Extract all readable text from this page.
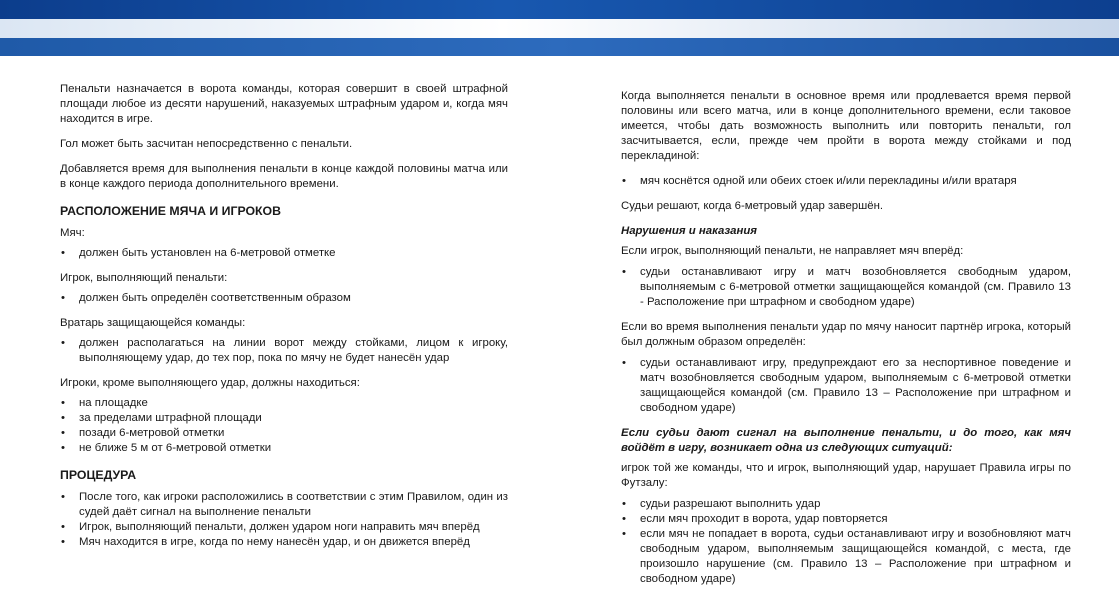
Пенальти назначается в ворота команды, которая совершит в своей штрафной площади любое из десяти нарушений, наказуемых штрафным ударом и, когда мяч находится в игре.

Гол может быть засчитан непосредственно с пенальти.

Добавляется время для выполнения пенальти в конце каждой половины матча или в конце каждого периода дополнительного времени.

РАСПОЛОЖЕНИЕ МЯЧА И ИГРОКОВ

Мяч:

• должен быть установлен на 6-метровой отметке

Игрок, выполняющий пенальти:

• должен быть определён соответственным образом

Вратарь защищающейся команды:

• должен располагаться на линии ворот между стойками, лицом к игроку, выполняющему удар, до тех пор, пока по мячу не будет нанесён удар

Игроки, кроме выполняющего удар, должны находиться:

• на площадке
• за пределами штрафной площади
• позади 6-метровой отметки
• не ближе 5 м от 6-метровой отметки
ПРОЦЕДУРА
• После того, как игроки расположились в соответствии с этим Правилом, один из судей даёт сигнал на выполнение пенальти
• Игрок, выполняющий пенальти, должен ударом ноги направить мяч вперёд
• Мяч находится в игре, когда по нему нанесён удар, и он движется вперёд

Когда выполняется пенальти в основное время или продлевается время первой половины или всего матча, или в конце дополнительного времени, если таковое имеется, чтобы дать возможность выполнить или повторить пенальти, гол засчитывается, если, прежде чем пройти в ворота между стойками и под перекладиной:

• мяч коснётся одной или обеих стоек и/или перекладины и/или вратаря

Судьи решают, когда 6-метровый удар завершён.

Нарушения и наказания

Если игрок, выполняющий пенальти, не направляет мяч вперёд:

• судьи останавливают игру и матч возобновляется свободным ударом, выполняемым с 6-метровой отметки защищающейся командой (см. Правило 13 - Расположение при штрафном и свободном ударе)

Если во время выполнения пенальти удар по мячу наносит партнёр игрока, который был должным образом определён:

• судьи останавливают игру, предупреждают его за неспортивное поведение и матч возобновляется свободным ударом, выполняемым с 6-метровой отметки защищающейся командой (см. Правило 13 – Расположение при штрафном и свободном ударе)

Если судьи дают сигнал на выполнение пенальти, и до того, как мяч войдёт в игру, возникает одна из следующих ситуаций:

игрок той же команды, что и игрок, выполняющий удар, нарушает Правила игры по Футзалу:

• судьи разрешают выполнить удар
• если мяч проходит в ворота, удар повторяется
• если мяч не попадает в ворота, судьи останавливают игру и возобновляют матч свободным ударом, выполняемым защищающейся командой, с места, где произошло нарушение (см. Правило 13 – Расположение при штрафном и свободном ударе)
